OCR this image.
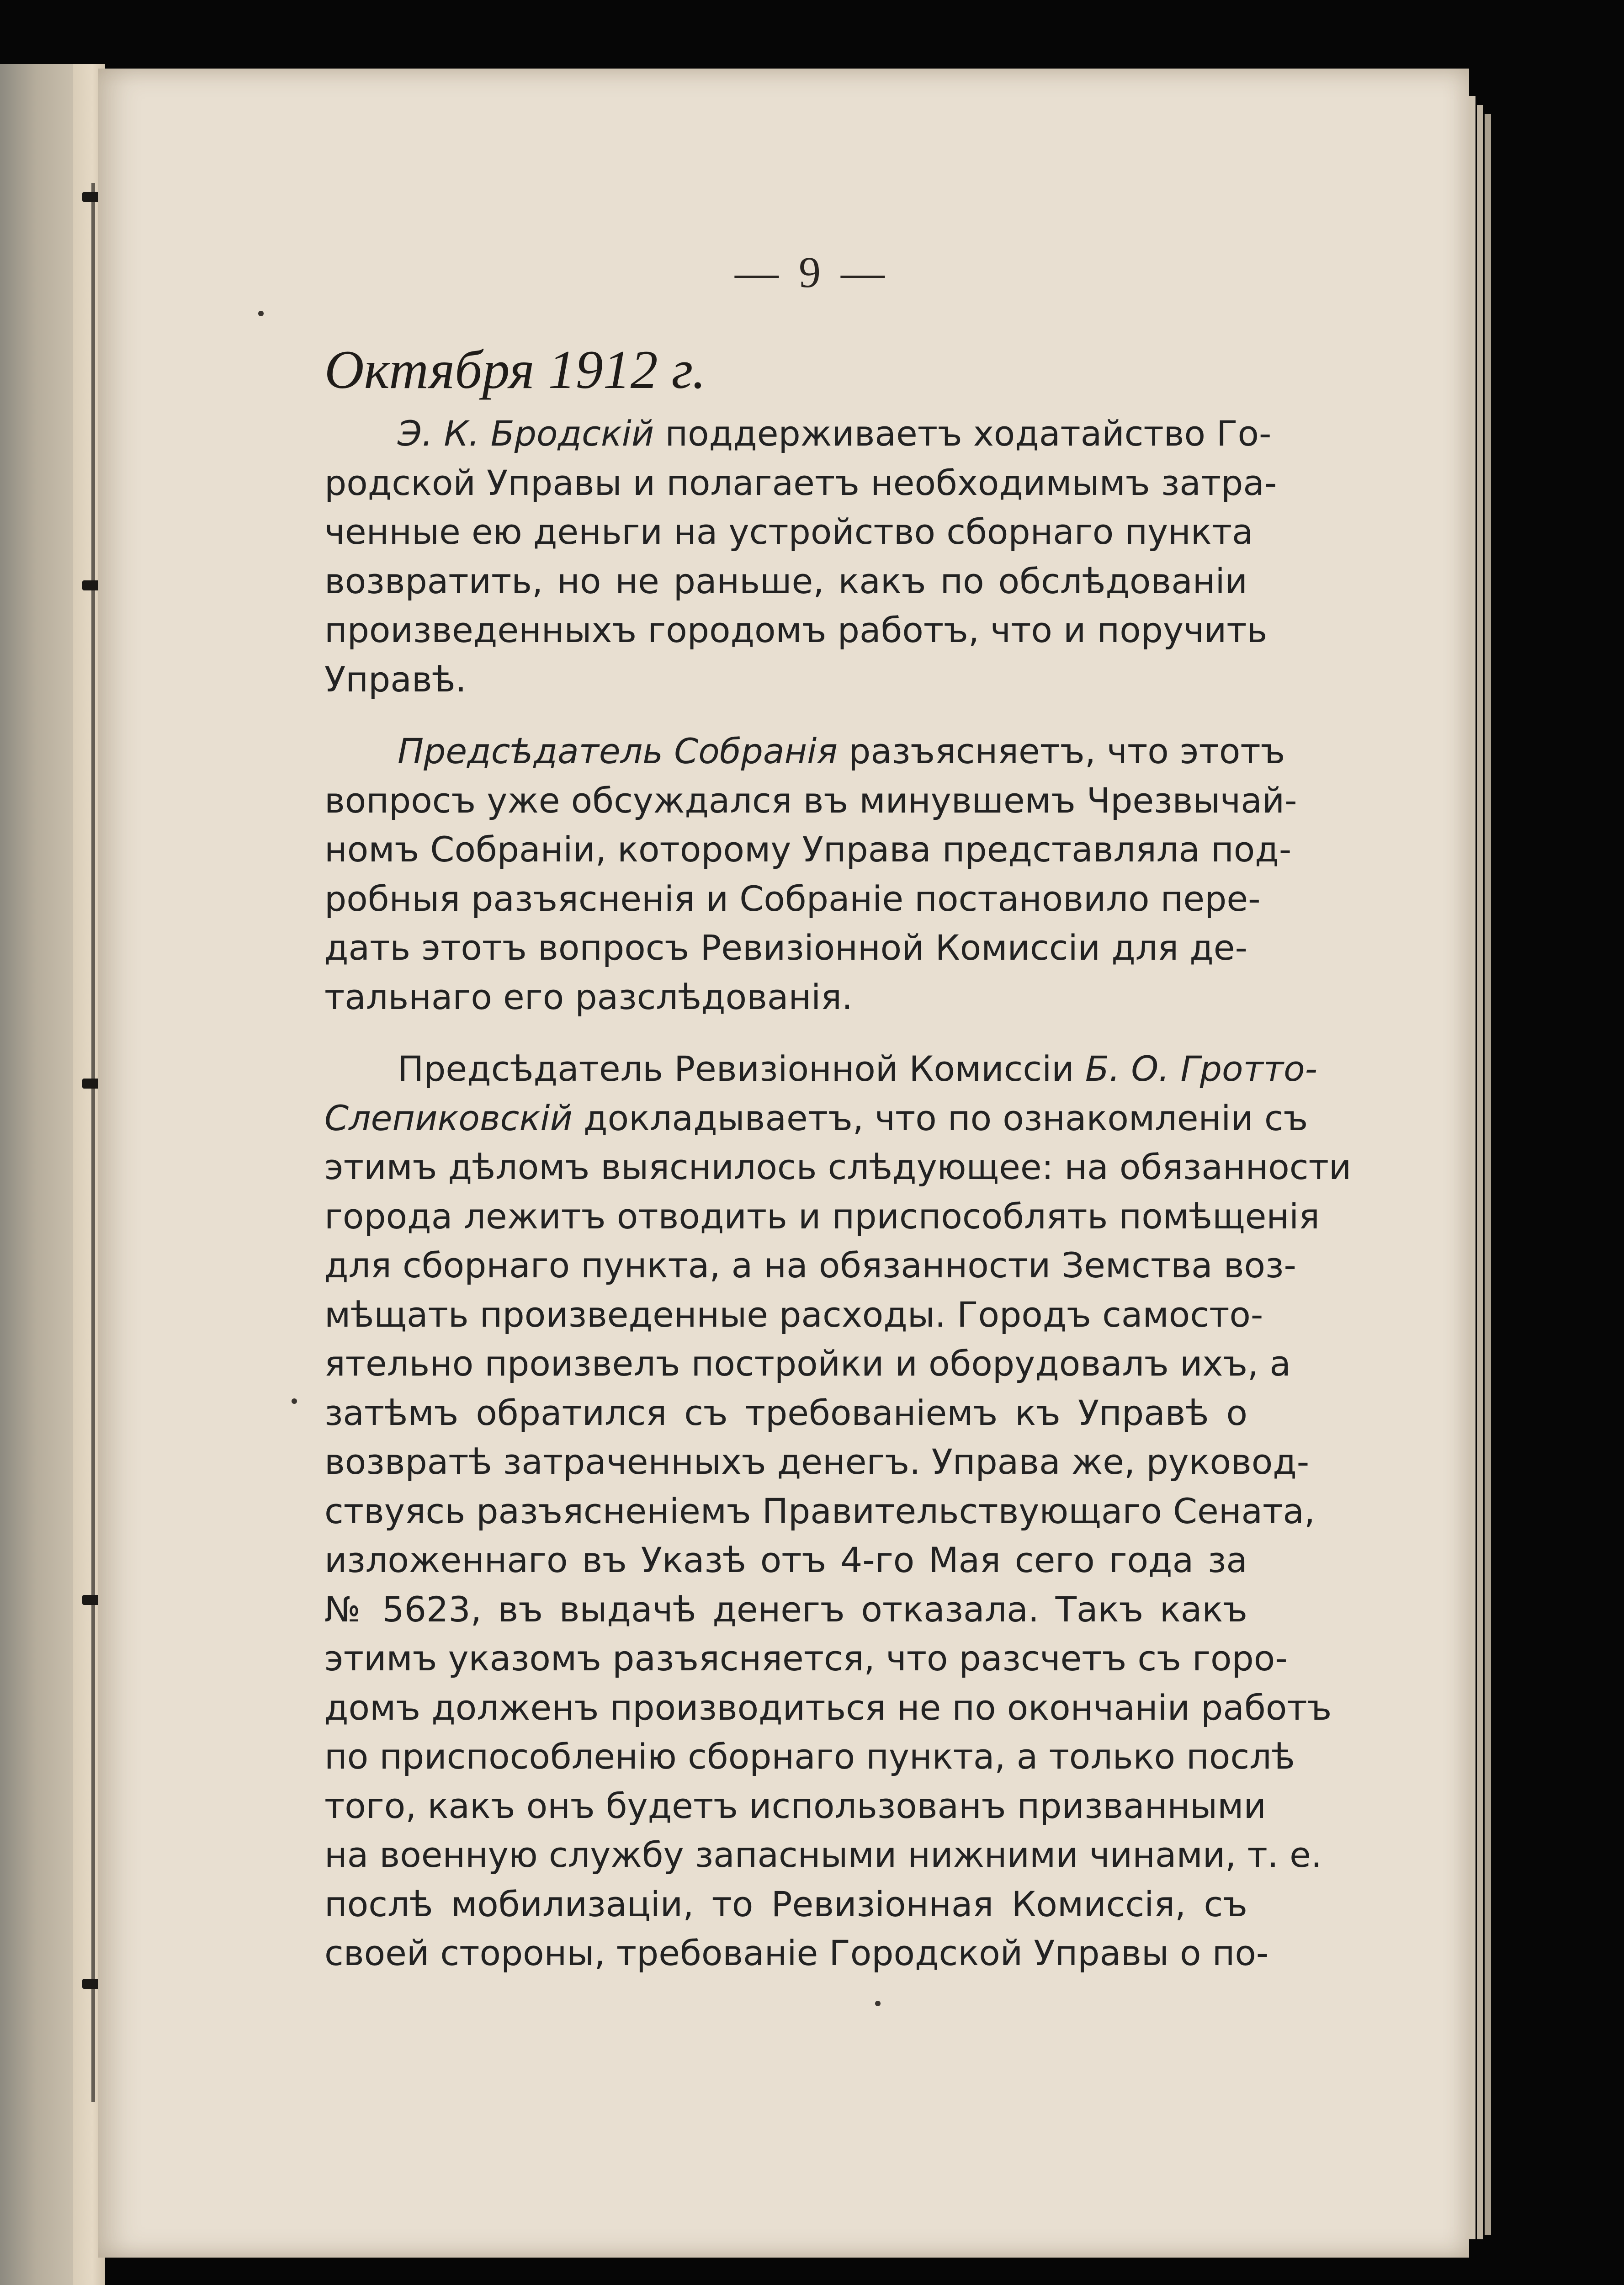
— 9 —
Октября 1912 г.
Э. К. Бродскій поддерживаетъ ходатайство Го-
родской Управы и полагаетъ необходимымъ затра-
ченные ею деньги на устройство сборнаго пункта
возвратить, но не раньше, какъ по обслѣдованіи
произведенныхъ городомъ работъ, что и поручить
Управѣ.
Предсѣдатель Собранія разъясняетъ, что этотъ
вопросъ уже обсуждался въ минувшемъ Чрезвычай-
номъ Собраніи, которому Управа представляла под-
робныя разъясненія и Собраніе постановило пере-
дать этотъ вопросъ Ревизіонной Комиссіи для де-
тальнаго его разслѣдованія.
Предсѣдатель Ревизіонной Комиссіи Б. О. Гротто-
Слепиковскій докладываетъ, что по ознакомленіи съ
этимъ дѣломъ выяснилось слѣдующее: на обязанности
города лежитъ отводить и приспособлять помѣщенія
для сборнаго пункта, а на обязанности Земства воз-
мѣщать произведенные расходы. Городъ самосто-
ятельно произвелъ постройки и оборудовалъ ихъ, а
затѣмъ обратился съ требованіемъ къ Управѣ о
возвратѣ затраченныхъ денегъ. Управа же, руковод-
ствуясь разъясненіемъ Правительствующаго Сената,
изложеннаго въ Указѣ отъ 4-го Мая сего года за
№ 5623, въ выдачѣ денегъ отказала. Такъ какъ
этимъ указомъ разъясняется, что разсчетъ съ горо-
домъ долженъ производиться не по окончаніи работъ
по приспособленію сборнаго пункта, а только послѣ
того, какъ онъ будетъ использованъ призванными
на военную службу запасными нижними чинами, т. е.
послѣ мобилизаціи, то Ревизіонная Комиссія, съ
своей стороны, требованіе Городской Управы о по-
